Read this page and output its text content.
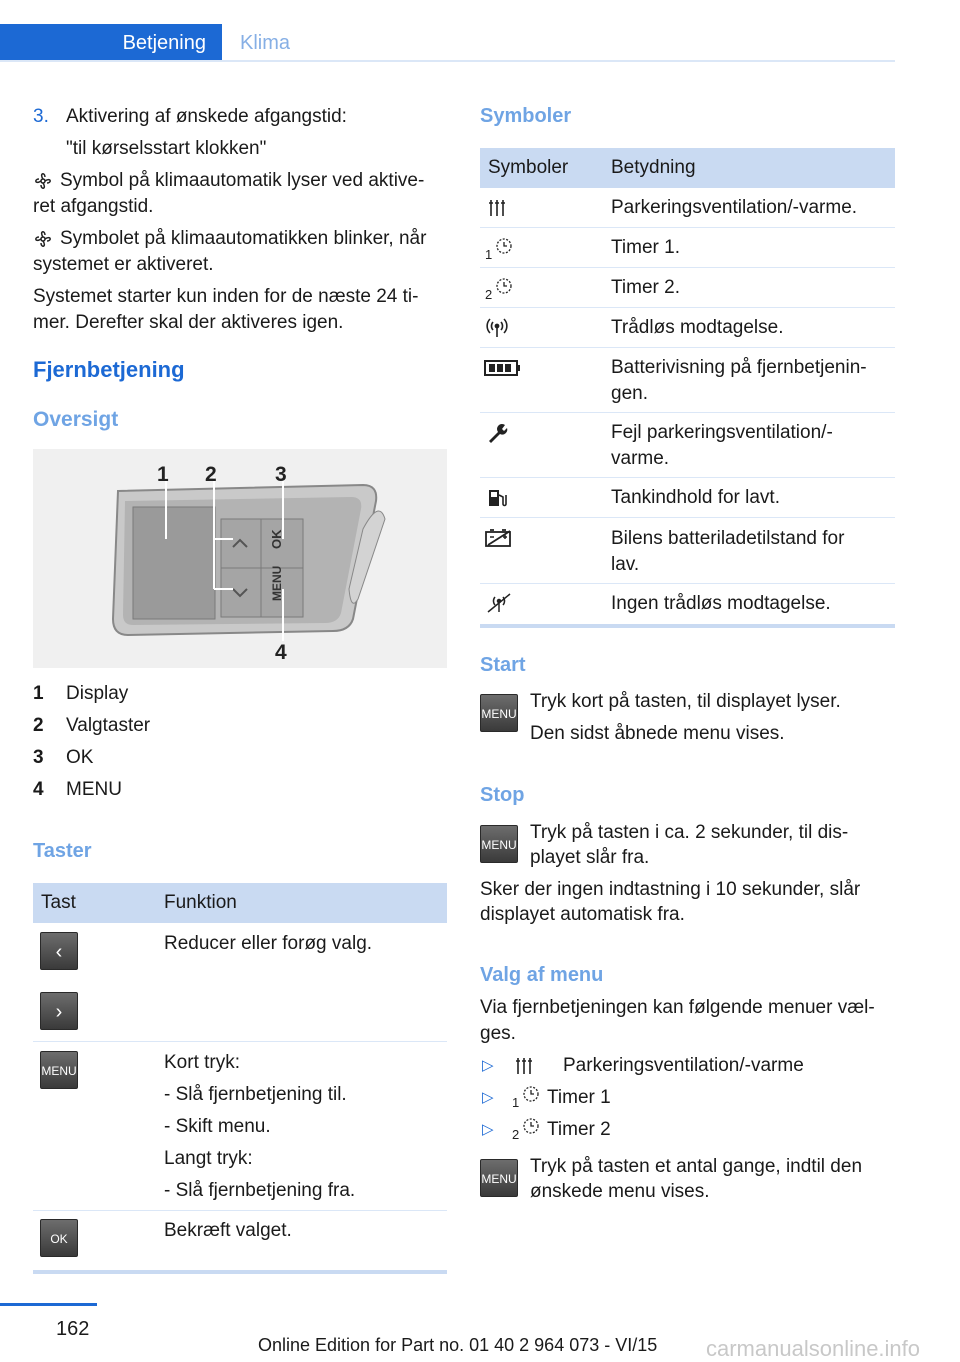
Betjening	Klima
3. Aktivering af ønskede afgangstid:
"til kørselsstart klokken"
Symbol på klimaautomatik lyser ved aktive-
ret afgangstid.
Symbolet på klimaautomatikken blinker, når
systemet er aktiveret.
Systemet starter kun inden for de næste 24 ti-
mer. Derefter skal der aktiveres igen.
Fjernbetjening
Oversigt
OK
MENU
1 2	3
4
1 Display
2 Valgtaster
3 OK
4 MENU
Taster
Tast	Funktion
‹
›
Reducer eller forøg valg.
MENU	Kort tryk:
- Slå fjernbetjening til.
- Skift menu.
Langt tryk:
- Slå fjernbetjening fra.
OK	Bekræft valget.
Symboler
Symboler Betydning
Parkeringsventilation/-varme.
1	Timer 1.
2	Timer 2.
Trådløs modtagelse.
Batterivisning på fjernbetjenin-
gen.
Fejl parkeringsventilation/-
varme.
Tankindhold for lavt.
Bilens batteriladetilstand for
lav.
Ingen trådløs modtagelse.
Start
MENU
Tryk kort på tasten, til displayet lyser.
Den sidst åbnede menu vises.
Stop
MENU
Tryk på tasten i ca. 2 sekunder, til dis-
playet slår fra.
Sker der ingen indtastning i 10 sekunder, slår
displayet automatisk fra.
Valg af menu
Via fjernbetjeningen kan følgende menuer væl-
ges.
▷	Parkeringsventilation/-varme
▷ 1 Timer 1
▷ 2 Timer 2
MENU
Tryk på tasten et antal gange, indtil den
ønskede menu vises.
162
Online Edition for Part no. 01 40 2 964 073 - VI/15 carmanualsonline.info
